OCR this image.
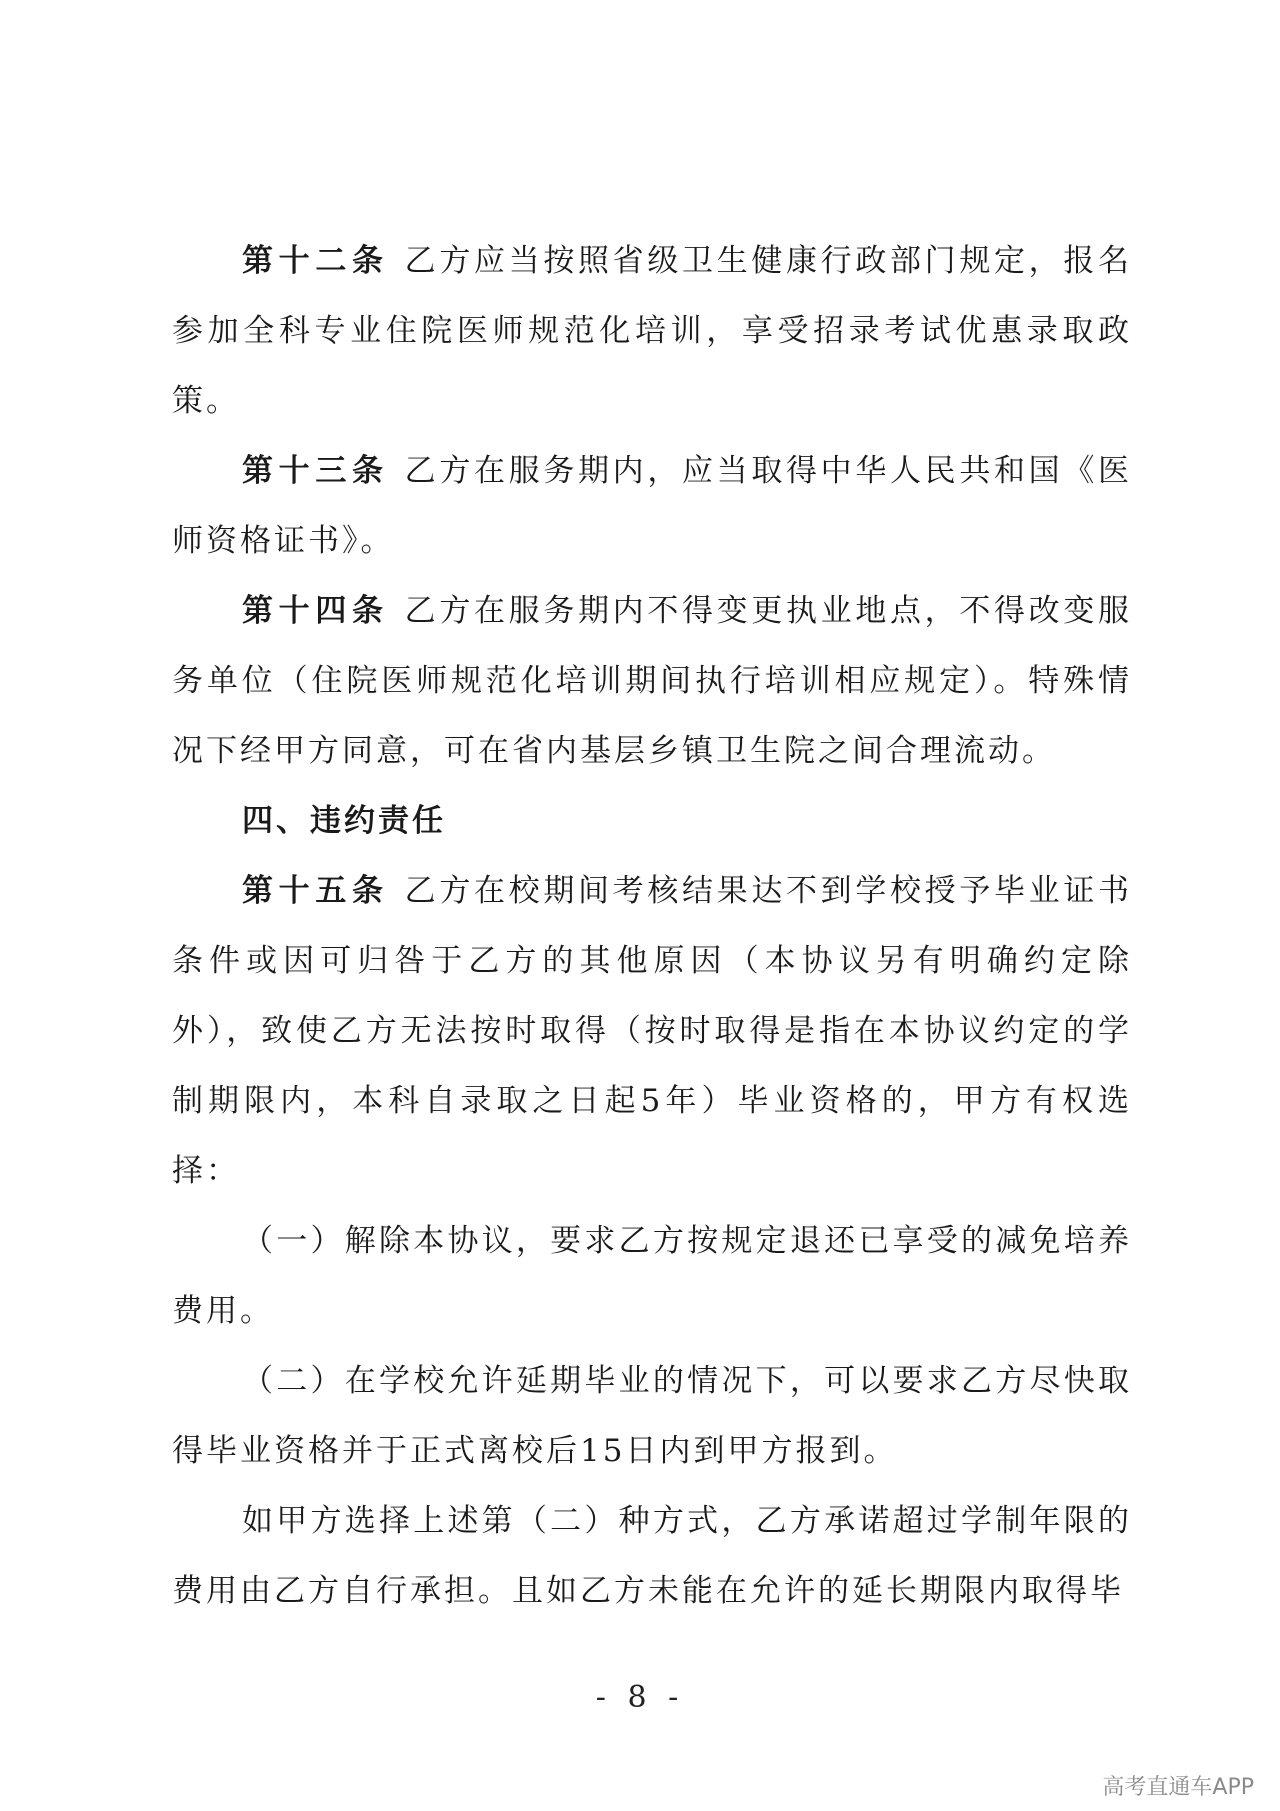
第十二条 乙方应当按照省级卫生健康行政部门规定，报名参加全科专业住院医师规范化培训，享受招录考试优惠录取政策。

第十三条 乙方在服务期内，应当取得中华人民共和国《医师资格证书》。

第十四条 乙方在服务期内不得变更执业地点，不得改变服务单位（住院医师规范化培训期间执行培训相应规定）。特殊情况下经甲方同意，可在省内基层乡镇卫生院之间合理流动。

四、违约责任

第十五条 乙方在校期间考核结果达不到学校授予毕业证书条件或因可归咎于乙方的其他原因（本协议另有明确约定除外），致使乙方无法按时取得（按时取得是指在本协议约定的学制期限内，本科自录取之日起5年）毕业资格的，甲方有权选择：

（一）解除本协议，要求乙方按规定退还已享受的减免培养费用。

（二）在学校允许延期毕业的情况下，可以要求乙方尽快取得毕业资格并于正式离校后15日内到甲方报到。

如甲方选择上述第（二）种方式，乙方承诺超过学制年限的费用由乙方自行承担。且如乙方未能在允许的延长期限内取得毕

- 8 -
高考直通车APP
